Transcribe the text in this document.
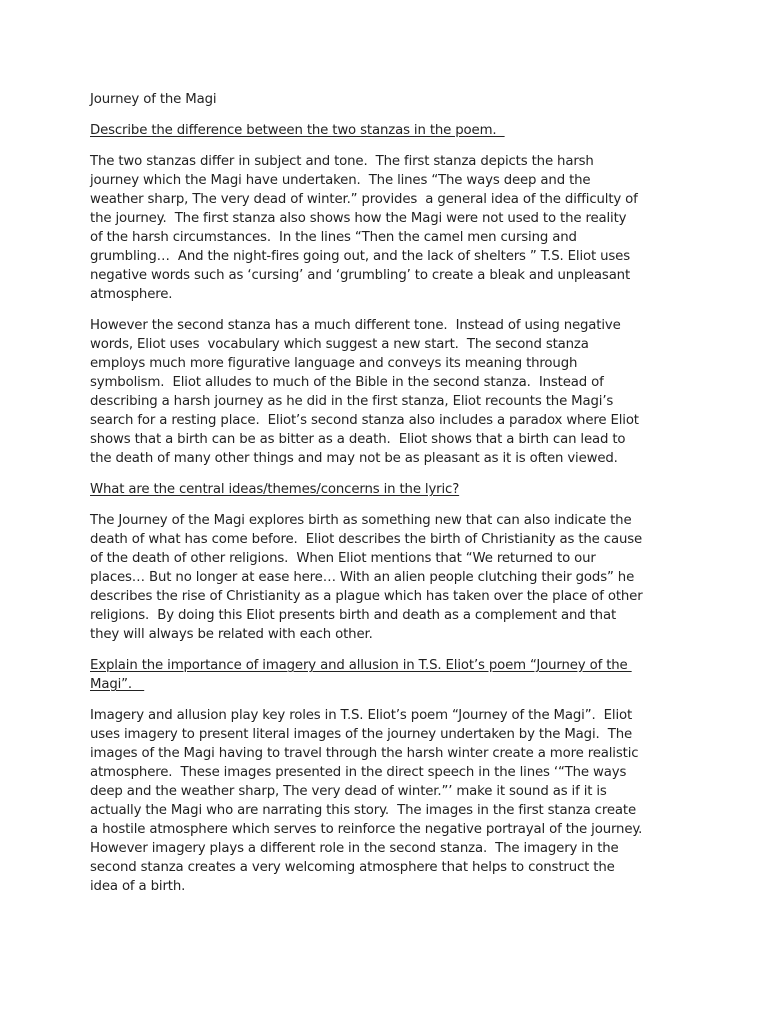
Journey of the Magi
Describe the difference between the two stanzas in the poem.
The two stanzas differ in subject and tone.  The first stanza depicts the harsh
journey which the Magi have undertaken.  The lines “The ways deep and the
weather sharp, The very dead of winter.” provides  a general idea of the difficulty of
the journey.  The first stanza also shows how the Magi were not used to the reality
of the harsh circumstances.  In the lines “Then the camel men cursing and
grumbling…  And the night-fires going out, and the lack of shelters ” T.S. Eliot uses
negative words such as ‘cursing’ and ‘grumbling’ to create a bleak and unpleasant
atmosphere.
However the second stanza has a much different tone.  Instead of using negative
words, Eliot uses  vocabulary which suggest a new start.  The second stanza
employs much more figurative language and conveys its meaning through
symbolism.  Eliot alludes to much of the Bible in the second stanza.  Instead of
describing a harsh journey as he did in the first stanza, Eliot recounts the Magi’s
search for a resting place.  Eliot’s second stanza also includes a paradox where Eliot
shows that a birth can be as bitter as a death.  Eliot shows that a birth can lead to
the death of many other things and may not be as pleasant as it is often viewed.
What are the central ideas/themes/concerns in the lyric?
The Journey of the Magi explores birth as something new that can also indicate the
death of what has come before.  Eliot describes the birth of Christianity as the cause
of the death of other religions.  When Eliot mentions that “We returned to our
places… But no longer at ease here… With an alien people clutching their gods” he
describes the rise of Christianity as a plague which has taken over the place of other
religions.  By doing this Eliot presents birth and death as a complement and that
they will always be related with each other.
Explain the importance of imagery and allusion in T.S. Eliot’s poem “Journey of the
Magi”.
Imagery and allusion play key roles in T.S. Eliot’s poem “Journey of the Magi”.  Eliot
uses imagery to present literal images of the journey undertaken by the Magi.  The
images of the Magi having to travel through the harsh winter create a more realistic
atmosphere.  These images presented in the direct speech in the lines ‘“The ways
deep and the weather sharp, The very dead of winter.”’ make it sound as if it is
actually the Magi who are narrating this story.  The images in the first stanza create
a hostile atmosphere which serves to reinforce the negative portrayal of the journey.
However imagery plays a different role in the second stanza.  The imagery in the
second stanza creates a very welcoming atmosphere that helps to construct the
idea of a birth.
